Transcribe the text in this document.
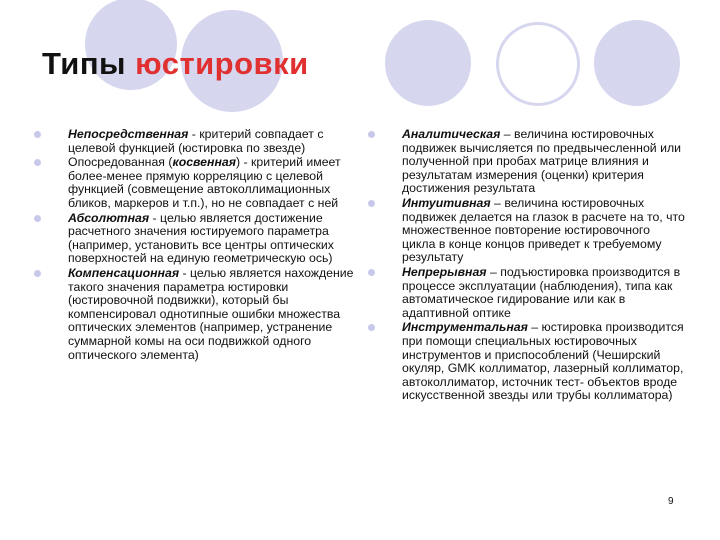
Типы юстировки
Непосредственная - критерий совпадает с целевой функцией (юстировка по звезде)
Опосредованная (косвенная) - критерий имеет более-менее прямую корреляцию с целевой функцией (совмещение автоколлимационных бликов, маркеров и т.п.), но не совпадает с ней
Абсолютная - целью является достижение расчетного значения юстируемого параметра (например, установить все центры оптических поверхностей на единую геометрическую ось)
Компенсационная - целью является нахождение такого значения параметра юстировки (юстировочной подвижки), который бы компенсировал однотипные ошибки множества оптических элементов (например, устранение суммарной комы на оси подвижкой одного оптического элемента)
Аналитическая – величина юстировочных подвижек вычисляется по предвычесленной или полученной при пробах матрице влияния и результатам измерения (оценки) критерия достижения результата
Интуитивная – величина юстировочных подвижек делается на глазок в расчете на то, что множественное повторение юстировочного цикла в конце концов приведет к требуемому результату
Непрерывная – подъюстировка производится в процессе эксплуатации (наблюдения), типа как автоматическое гидирование или как в адаптивной оптике
Инструментальная – юстировка производится при помощи специальных юстировочных инструментов и приспособлений (Чеширский окуляр, GMK коллиматор, лазерный коллиматор, автоколлиматор, источник тест- объектов вроде искусственной звезды или трубы коллиматора)
9
